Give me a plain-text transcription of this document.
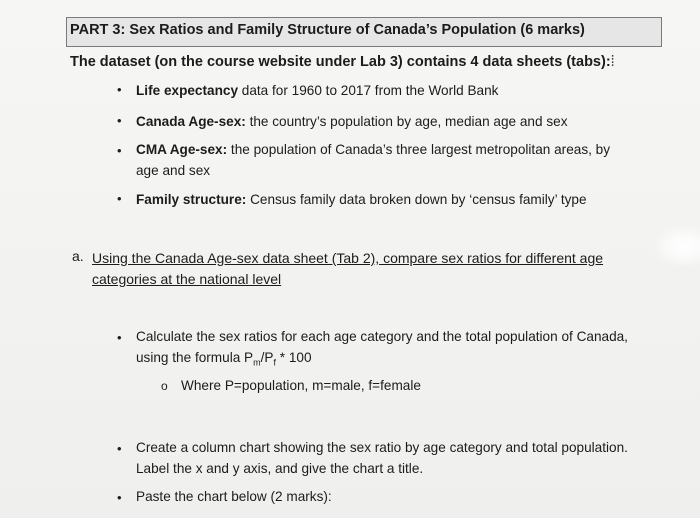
PART 3: Sex Ratios and Family Structure of Canada’s Population (6 marks)
The dataset (on the course website under Lab 3) contains 4 data sheets (tabs):⁞
• Life expectancy data for 1960 to 2017 from the World Bank
• Canada Age-sex: the country’s population by age, median age and sex
• CMA Age-sex: the population of Canada’s three largest metropolitan areas, by age and sex
• Family structure: Census family data broken down by ‘census family’ type
a. Using the Canada Age-sex data sheet (Tab 2), compare sex ratios for different age categories at the national level
• Calculate the sex ratios for each age category and the total population of Canada,
using the formula $P_m/P_f * 100$
o Where P=population, m=male, f=female
• Create a column chart showing the sex ratio by age category and total population. Label the x and y axis, and give the chart a title.
• Paste the chart below (2 marks):
